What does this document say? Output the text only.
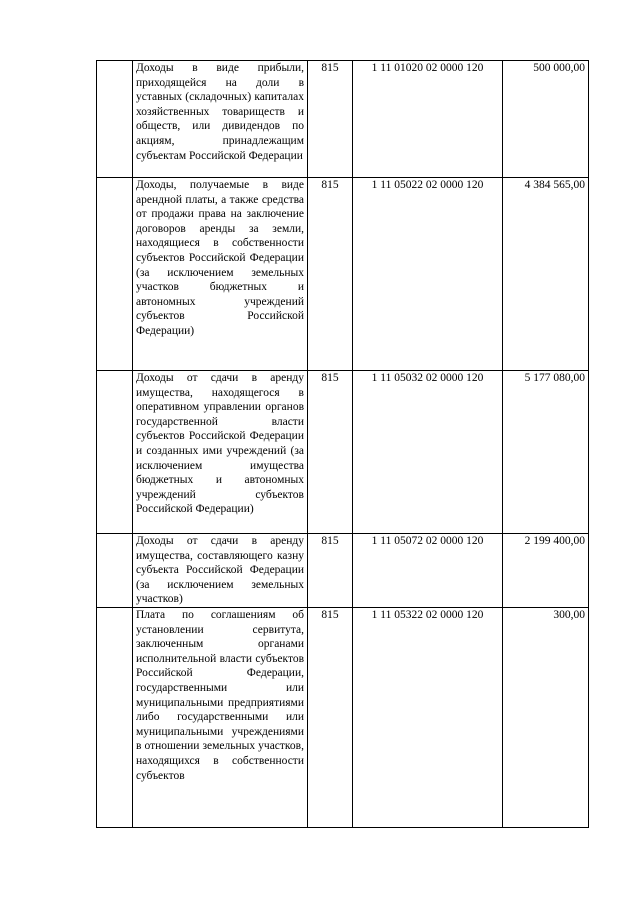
	Доходы в виде прибыли, приходящейся на доли в уставных (складочных) капиталах хозяйственных товариществ и обществ, или дивидендов по акциям, принадлежащим субъектам Российской Федерации	815	1 11 01020 02 0000 120	500 000,00
	Доходы, получаемые в виде арендной платы, а также средства от продажи права на заключение договоров аренды за земли, находящиеся в собственности субъектов Российской Федерации (за исключением земельных участков бюджетных и автономных учреждений субъектов Российской Федерации)	815	1 11 05022 02 0000 120	4 384 565,00
	Доходы от сдачи в аренду имущества, находящегося в оперативном управлении органов государственной власти субъектов Российской Федерации и созданных ими учреждений (за исключением имущества бюджетных и автономных учреждений субъектов Российской Федерации)	815	1 11 05032 02 0000 120	5 177 080,00
	Доходы от сдачи в аренду имущества, составляющего казну субъекта Российской Федерации (за исключением земельных участков)	815	1 11 05072 02 0000 120	2 199 400,00
	Плата по соглашениям об установлении сервитута, заключенным органами исполнительной власти субъектов Российской Федерации, государственными или муниципальными предприятиями либо государственными или муниципальными учреждениями в отношении земельных участков, находящихся в собственности субъектов	815	1 11 05322 02 0000 120	300,00
